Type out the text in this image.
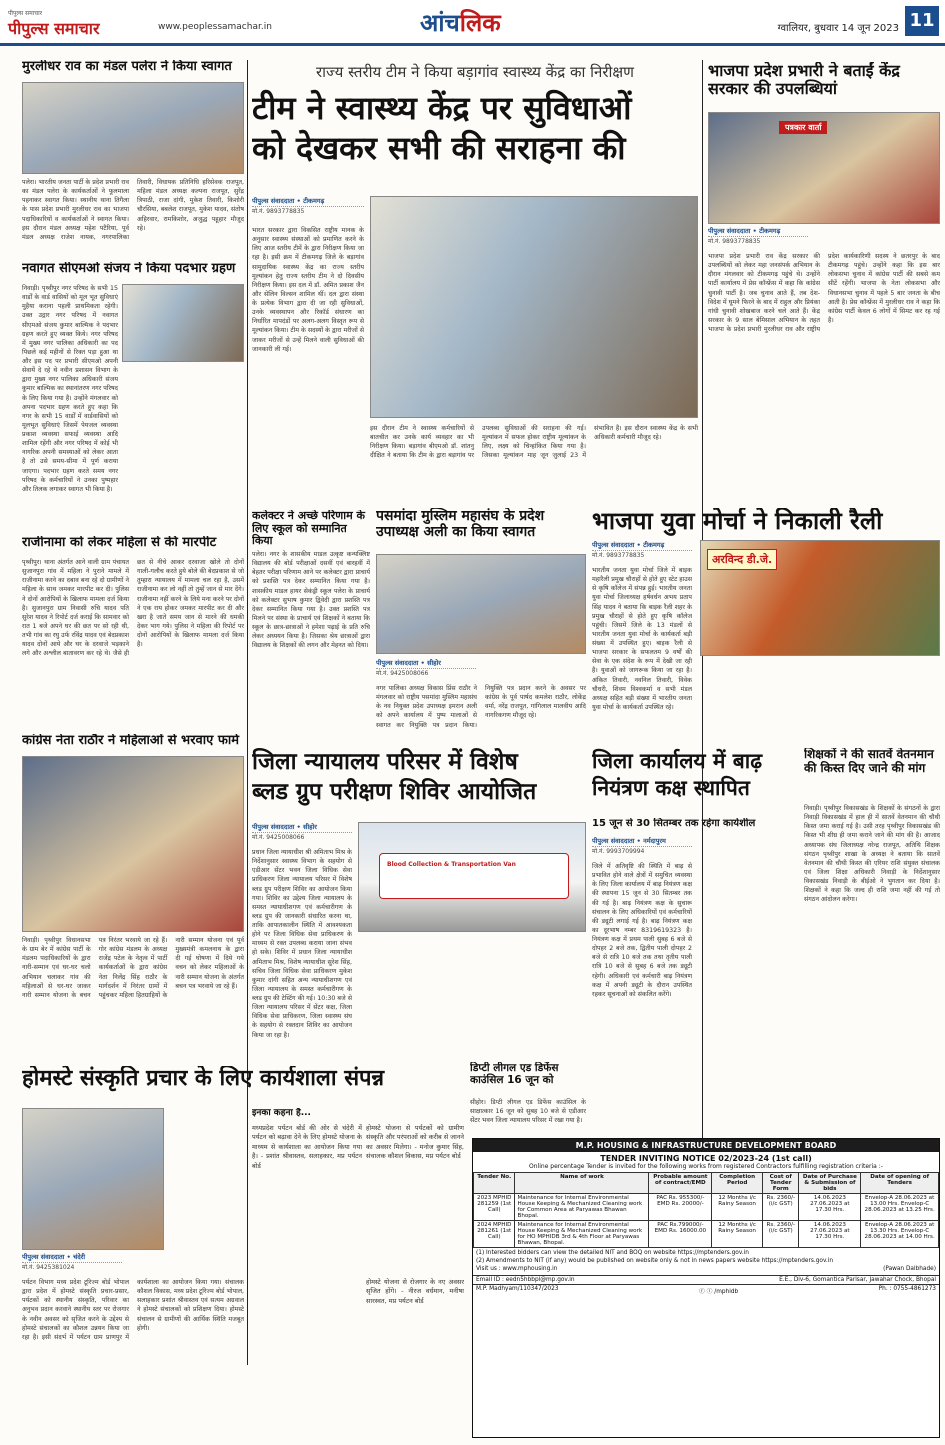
पीपुल्स समाचार
पीपुल्स समाचार	www.peoplessamachar.in	आंचलिक	ग्वालियर, बुधवार 14 जून 2023 11
मुरलीधर राव का मंडल पलेरा ने किया स्वागत
पलेरा। भारतीय जनता पार्टी के प्रदेश प्रभारी राव का मंडल पलेरा के कार्यकर्ताओं ने फूलमाला पहनाकर स्वागत किया। स्थानीय थाना तिगैला के पास प्रदेश प्रभारी मुरलीधर राव का भाजपा पदाधिकारियों व कार्यकर्ताओं ने स्वागत किया। इस दौरान मंडल अध्यक्ष महेश पटैरिया, पूर्व मंडल अध्यक्ष राजेश नायक, नगरपालिका तिवारी, विधायक प्रतिनिधि हरिसेवक राजपूत, महिला मंडल अध्यक्ष कल्पना राजपूत, सुरेंद्र त्रिपाठी, राजा दांगी, मुकेश तिवारी, किशोरी चौरसिया, बबलेश राजपूत, मुकेश यादव, संतोष अहिरवार, रामकिशोर, अजुद्ध पहूहार मौजूद रहे।
नवागत सीएमओ संजय ने किया पदभार ग्रहण
निवाड़ी। पृथ्वीपुर नगर परिषद के सभी 15 वार्डों के वार्ड वासियों को मूल भूत सुविधाएं मुहैया कराना पहली प्राथमिकता रहेगी। उक्त उद्गार नगर परिषद में नवागत सीएमओ संजय कुमार बाल्मिक ने पदभार ग्रहण करते हुए व्यक्त किये। नगर परिषद में मुख्य नगर पालिका अधिकारी का पद पिछले कई महीनों से रिक्त पड़ा हुआ था और इस पद पर प्रभारी सीएमओ अपनी सेवायें दे रहे थे नवीन प्रशासन विभाग के द्वारा मुख्य नगर पालिका अधिकारी संजय कुमार बाल्मिक का स्थानांतरण नगर परिषद के लिए किया गया है। उन्होंने मंगलवार को अपना पदभार ग्रहण करते हुए कहा कि नगर के सभी 15 वार्डों में वार्डवासियों को मूलभूत सुविधाएं जिसमें पेयजल व्यवस्था प्रकाश व्यवस्था सफाई व्यवस्था आदि शामिल रहेंगी और नगर परिषद में कोई भी नागरिक अपनी समस्याओं को लेकर आता है तो उसे समय-सीमा में पूर्ण कराया जाएगा। पदभार ग्रहण करते समय नगर परिषद के कर्मचारियों ने उनका पुष्पहार और तिलक लगाकर स्वागत भी किया है।
राजीनामा को लेकर महिला से की मारपीट
पृथ्वीपुर। थाना अंतर्गत आने वाली ग्राम पंचायत सुजानपुरा गांव में महिला ने पुराने मामले में राजीनामा करने का दबाव बना रहे दो ग्रामीणों ने महिला के साथ जमकर मारपीट कर दी। पुलिस ने दोनों आरोपियों के खिलाफ मामला दर्ज किया है। सुजानपुरा ग्राम निवासी रुचि यादव पति सुरेश यादव ने रिपोर्ट दर्ज कराई कि सामवार को रात 1 बजे अपने घर की छत पर सो रही थी, तभी गांव का रघु उर्फ रविंद्र यादव एवं बेदप्रकाश यादव दोनों आये और घर के दरवाजे भड़काने लगे और अश्लील बातावरण कर रहे थे। जैसे ही छत से नीचे आकर दरवाजा खोले तो दोनों गाली-गलौच करते हुये बोले की बेदप्रकाश से जो तुम्हारा न्यायालय में मामला चल रहा है, उसमें राजीनामा कर लो नहीं तो तुम्हें जान से मार देंगे। राजीनामा नहीं करने के लिये मना करने पर दोनों ने एक राय होकर जमकर मारपीट कर दी और खरा है जाते समय जान से मारने की धमकी देकर भाग गये। पुलिस ने महिला की रिपोर्ट पर दोनों आरोपियों के खिलाफ मामला दर्ज किया है।
कांग्रेस नेता राठौर ने महिलाओं से भरवाए फार्म
निवाड़ी। पृथ्वीपुर विधानसभा के ग्राम बेर में कांग्रेस पार्टी के मंडलम पदाधिकारियों के द्वारा नारी-सम्मान एवं घर-घर चलो अभियान चलाकर गांव की महिलाओं से घर-घर जाकर नारी सम्मान योजना के बचन पत्र निरंतर भरवाये जा रहे हैं। गोर कांग्रेस मंडलम के अध्यक्ष राजेंद्र पटेल के नेतृत्व में पार्टी कार्यकर्ताओं के द्वारा कांग्रेस नेता निलेंद्र सिंह राठौर के मार्गदर्शन में निरंतर ग्रामों में पहुंचकर महिला हितग्राहियों के नारी सम्मान योजना एवं पूर्व मुख्यमंत्री कमलनाथ के द्वारा दी गई घोषणा में दिये गये वचन को लेकर महिलाओं के नारी सम्मान योजना के अंतर्गत बचन पत्र भरवाये जा रहे हैं।
राज्य स्तरीय टीम ने किया बड़ागांव स्वास्थ्य केंद्र का निरीक्षण
टीम ने स्वास्थ्य केंद्र पर सुविधाओं
को देखकर सभी की सराहना की
पीपुल्स संवाददाता • टीकमगढ़
मो.नं. 9893778835
भारत सरकार द्वारा विकसित राष्ट्रीय मानक के अनुसार स्वास्थ्य संस्थाओं को प्रमाणित करने के लिए आज स्तरीय टीमें के द्वारा निरीक्षण किया जा रहा है। इसी क्रम में टीकमगढ़ जिले के बड़ागांव सामुदायिक स्वास्थ्य केंद्र का राज्य स्तरीय मूल्यांकन हेतु राज्य स्तरीय टीम ने दो दिवसीय निरीक्षण किया। इस दल में डॉ. अमित प्रकाश जैन और सेलिन विल्सन शामिल थीं। दल द्वारा संस्था के प्रत्येक विभाग द्वारा दी जा रही सुविधाओं, उनके व्यवस्थापन और रिकॉर्ड संधारण का निर्धारित मापदंडों पर अलग-अलग विस्तृत रूप से मूल्यांकन किया। टीम के सदस्यों के द्वारा मरीजों से जाकर मरीजों से उन्हें मिलने वाली सुविधाओं की जानकारी ली गई।
इस दौरान टीम ने स्वास्थ्य कर्मचारियों से बातचीत कर उनके कार्य व्यवहार का भी निरीक्षण किया। बड़ागांव बीएमओ डॉ. शांतनु दीक्षित ने बताया कि टीम के द्वारा बड़ागांव पर उपलब्ध सुविधाओं की सराहना की गई। मूल्यांकन में सफल होकर राष्ट्रीय मूल्यांकन के लिए, लक्ष्य को चिन्हांकित किया गया है। जिसका मूल्यांकन माह जून जुलाई 23 में संभावित है। इस दौरान स्वास्थ्य केंद्र के सभी अधिकारी कर्मचारी मौजूद रहे।
कलेक्टर ने अच्छे परिणाम के लिए स्कूल को सम्मानित किया
पलेरा। नगर के शासकीय माडल उत्कृष्ट कन्यक्लिष्ट विद्यालय की बोर्ड परीक्षाओं दसवीं एवं बारहवीं में बेहतर परीक्षा परिणाम आने पर कलेक्टर द्वारा प्राचार्य को प्रशस्ति पत्र देकर सम्मानित किया गया है। शासकीय माडल हायर सेकंड्री स्कूल पलेरा के प्राचार्य को कलेक्टर सुभाष कुमार द्विवेदी द्वारा प्रशस्ति पत्र देकर सम्मानित किया गया है। उक्त प्रशस्ति पत्र मिलने पर संस्था के प्राचार्य एवं शिक्षकों ने बताया कि स्कूल के छात्र-छात्राओं ने हमेशा पढ़ाई के प्रति रुचि लेकर अध्ययन किया है। जिसका श्रेय छात्राओं द्वारा विद्यालय के शिक्षकों की लगन और मेहनत को दिया।
पसमांदा मुस्लिम महासंघ के प्रदेश उपाध्यक्ष अली का किया स्वागत
पीपुल्स संवाददाता • सीहोर
मो.नं. 9425008066
नगर पालिका अध्यक्ष विकास प्रिंस राठौर ने मंगलवार को राष्ट्रीय पसमांदा मुस्लिम महासंघ के नव नियुक्त प्रदेश उपाध्यक्ष इमरान अली को अपने कार्यालय में पुष्प मालाओं से स्वागत कर नियुक्ति पत्र प्रदान किया। नियुक्ति पत्र प्रदान करने के अवसर पर कांग्रेस के पूर्व पार्षद कमलेश राठौर, लोकेंद्र वर्मा, नरेंद्र राजपूत, गांगिलाल मालवीय आदि नागरिकगण मौजूद रहे।
भाजपा युवा मोर्चा ने निकाली रैली
पीपुल्स संवाददाता • टीकमगढ़
मो.नं. 9893778835
भारतीय जनता युवा मोर्चा जिले में बाइक महारैली प्रमुख चौराहों से होते हुए स्टेट हाउस से कृषि कॉलेज में संपन्न हुई। भारतीय जनता युवा मोर्चा जिलाध्यक्ष हर्षवर्धन अभय प्रताप सिंह यादव ने बताया कि बाइक रैली शहर के प्रमुख चौराहों से होते हुए कृषि कॉलेज पहुंची। जिसमें जिले के 13 मंडलों से भारतीय जनता युवा मोर्चा के कार्यकर्ता बड़ी संख्या में उपस्थित हुए। बाइक रैली से भाजपा सरकार के सफलतम 9 वर्षों की सेवा के एक संदेश के रूप में देखी जा रही है। युवाओं को जागरूक किया जा रहा है। अंकित तिवारी, नवनिल तिवारी, विवेक चौधरी, शिवम विश्वकर्मा व सभी मंडल अध्यक्ष सहित बड़ी संख्या में भारतीय जनता युवा मोर्चा के कार्यकर्ता उपस्थित रहे।
अरविन्द डी.जे.
जिला न्यायालय परिसर में विशेष
ब्लड ग्रुप परीक्षण शिविर आयोजित
पीपुल्स संवाददाता • सीहोर
मो.नं. 9425008066
प्रधान जिला न्यायाधीश श्री अमिताभ मिश्र के निर्देशानुसार स्वास्थ्य विभाग के सहयोग से एडीआर सेंटर भवन जिला विधिक सेवा प्राधिकरण जिला न्यायालय परिसर में विशेष ब्लड ग्रुप परीक्षण शिविर का आयोजन किया गया। शिविर का उद्देश्य जिला न्यायालय के समस्त न्यायाधीशगण एवं कर्मचारीगण के ब्लड ग्रुप की जानकारी संधारित करना था, ताकि आपातकालीन स्थिति में आवश्यकता होने पर जिला विधिक सेवा प्राधिकरण के माध्यम से रक्त उपलब्ध कराया जाना संभव हो सके। शिविर में प्रधान जिला न्यायाधीश अमिताभ मिश्र, विशेष न्यायाधीश सुरेश सिंह, सचिव जिला विधिक सेवा प्राधिकरण मुकेश कुमार दांगी सहित अन्य न्यायाधीशगण एवं जिला न्यायालय के समस्त कर्मचारीगण के ब्लड ग्रुप की टेस्टिंग की गई। 10:30 बजे से जिला न्यायालय परिसर में सेंटर कक्ष, जिला विधिक सेवा प्राधिकरण, जिला स्वास्थ्य संघ के सहयोग से रक्तदान शिविर का आयोजन किया जा रहा है।
Blood Collection & Transportation Van
जिला कार्यालय में बाढ़
नियंत्रण कक्ष स्थापित
15 जून से 30 सितम्बर तक रहेगा कार्यशील
पीपुल्स संवाददाता • नर्मदापुरम
मो.नं. 9993709994
जिले में अतिवृष्टि की स्थिति में बाढ़ से प्रभावित होने वाले क्षेत्रों में समुचित व्यवस्था के लिए जिला कार्यालय में बाढ़ नियंत्रण कक्ष की स्थापना 15 जून से 30 सितम्बर तक की गई है। बाढ़ नियंत्रण कक्ष के सुचारू संचालन के लिए अधिकारियों एवं कर्मचारियों की ड्यूटी लगाई गई है। बाढ़ नियंत्रण कक्ष का दूरभाष नम्बर 8319619323 है। नियंत्रण कक्ष में प्रथम पाली सुबह 6 बजे से दोपहर 2 बजे तक, द्वितीय पाली दोपहर 2 बजे से रात्रि 10 बजे तक तथा तृतीय पाली रात्रि 10 बजे से सुबह 6 बजे तक ड्यूटी रहेगी। अधिकारी एवं कर्मचारी बाढ़ नियंत्रण कक्ष में अपनी ड्यूटी के दौरान उपस्थित रहकर सूचनाओं को संकलित करेंगे।
शिक्षकों ने की सातवें वेतनमान की किस्त दिए जाने की मांग
निवाड़ी। पृथ्वीपुर विकासखंड के शिक्षकों के संगठनों के द्वारा निवाड़ी विकासखंड में हाल ही में सातवें वेतनमान की चौथी किस्त जमा कराई गई है। उसी तरह पृथ्वीपुर विकासखंड की किस्त भी शीघ्र ही जमा कराने जाने की मांग की है। आजाद अध्यापक संघ जिलाध्यक्ष नरेन्द्र राजपूत, अतिथि शिक्षक संगठन पृथ्वीपुर शाखा के अध्यक्ष ने बताया कि सातवें वेतनमान की चौथी किस्त की एरियर राशि संयुक्त संचालक एवं जिला शिक्षा अधिकारी निवाड़ी के निर्देशानुसार विकासखंड निवाड़ी के बीईओ ने भुगतान कर दिया है। शिक्षकों ने कहा कि जल्द ही राशि जमा नहीं की गई तो संगठन आंदोलन करेगा।
डिप्टी लीगल एड डिफेंस काउंसिल 16 जून को
सीहोर। डिप्टी लीगल एड डिफेंस काउंसिल के साक्षात्कार 16 जून को सुबह 10 बजे से एडीआर सेंटर भवन जिला न्यायालय परिसर में रखा गया है।
होमस्टे संस्कृति प्रचार के लिए कार्यशाला संपन्न
पीपुल्स संवाददाता • चंदेरी
मो.नं. 9425381024
पर्यटन विभाग मध्य प्रदेश टूरिज्म बोर्ड भोपाल द्वारा प्रदेश में होमस्टे संस्कृति प्रचार-प्रसार, पर्यटकों को स्थानीय संस्कृति, परिवार का अनुभव प्रदान करवाने स्थानीय स्तर पर रोजगार के नवीन अवसर को सृजित करने के उद्देश्य से होमस्टे संचालकों का कौशल उन्नयन किया जा रहा है। इसी संदर्भ में पर्यटन ग्राम प्राणपुर में कार्यशाला का आयोजन किया गया। संचालक कौशल विकास, मध्य प्रदेश टूरिज्म बोर्ड भोपाल, सलाहकार प्रशांत श्रीवास्तव एवं सत्यम अग्रवाल ने होमस्टे संचालकों को प्रशिक्षण दिया। होमस्टे संचालन से ग्रामीणों की आर्थिक स्थिति मजबूत होगी।
इनका कहना है...
मध्यप्रदेश पर्यटन बोर्ड की ओर से चंदेरी में पर्यटन को बढ़ावा देने के लिए होमस्टे योजना के माध्यम से कार्यशाला का आयोजन किया गया है। - प्रशांत श्रीवास्तव, सलाहकार, मप्र पर्यटन बोर्ड
होमस्टे योजना से पर्यटकों को ग्रामीण संस्कृति और परंपराओं को करीब से जानने का अवसर मिलेगा। - मनोज कुमार सिंह, संचालक कौशल विकास, मप्र पर्यटन बोर्ड
होमस्टे योजना से रोजगार के नए अवसर सृजित होंगे। - नीरज वर्धमान, मनीषा सारस्वत, मप्र पर्यटन बोर्ड
भाजपा प्रदेश प्रभारी ने बताईं केंद्र सरकार की उपलब्धियां
पत्रकार वार्ता
पीपुल्स संवाददाता • टीकमगढ़
मो.नं. 9893778835
भाजपा प्रदेश प्रभारी राव केंद्र सरकार की उपलब्धियों को लेकर महा जनसंपर्क अभियान के दौरान मंगलवार को टीकमगढ़ पहुंचे थे। उन्होंने पार्टी कार्यालय में प्रेस कॉन्फ्रेंस में कहा कि कांग्रेस चुनावी पार्टी है। जब चुनाव आते हैं, तब देश-विदेश में घूमने फिरने के बाद में राहुल और प्रियंका गांधी चुनावी शोखबाज करने चले आते हैं। केंद्र सरकार के 9 साल बेमिसाल अभियान के तहत भाजपा के प्रदेश प्रभारी मुरलीधर राव और राष्ट्रीय प्रदेश कार्यकारिणी सदस्य ने छतरपुर के बाद टीकमगढ़ पहुंचे। उन्होंने कहा कि इस बार लोकसभा चुनाव में कांग्रेस पार्टी की सबसे कम सीटें रहेंगी। भाजपा के नेता लोकसभा और विधानसभा चुनाव में पहले 5 बार जनता के बीच आती है। प्रेस कॉन्फ्रेंस में मुरलीधर राव ने कहा कि कांग्रेस पार्टी केवल 6 लोगों में सिमट कर रह गई है।
M.P. HOUSING & INFRASTRUCTURE DEVELOPMENT BOARD
TENDER INVITING NOTICE 02/2023-24 (1st call)
Online percentage Tender is invited for the following works from registered Contractors fulfilling registration criteria :-
Tender No.	Name of work	Probable amount of contract/EMD	Completion Period	Cost of Tender Form	Date of Purchase & Submission of bids	Date of opening of Tenders
2023 MPHID 281259 (1st Call)	Maintenance for Internal Environmental House Keeping & Mechanized Cleaning work for Common Area at Paryawas Bhawan Bhopal.	PAC Rs. 955300/- EMD Rs. 20000/-	12 Months i/c Rainy Season	Rs. 2360/- (i/c GST)	14.06.2023 27.06.2023 at 17.30 Hrs.	Envelop-A 28.06.2023 at 13.00 Hrs. Envelop-C 28.06.2023 at 13.25 Hrs.
2024 MPHID 281261 (1st Call)	Maintenance for Internal Environmental House Keeping & Mechanized Cleaning work for HO MPHIDB 3rd & 4th Floor at Paryawas Bhawan, Bhopal.	PAC Rs.799000/- EMD Rs. 16000.00	12 Months i/c Rainy Season	Rs. 2360/- (i/c GST)	14.06.2023 27.06.2023 at 17.30 Hrs.	Envelop-A 28.06.2023 at 13.30 Hrs. Envelop-C 28.06.2023 at 14.00 Hrs.
(1) Interested bidders can view the detailed NIT and BOQ on website https://mptenders.gov.in
(2) Amendments to NIT (if any) would be published on website only & not in news papers website https://mptenders.gov.in
Visit us : www.mphousing.in	(Pawan Dalbhade)
Email ID : eedn5hbbpl@mp.gov.in	E.E., Div-6, Gomantica Parisar, Jawahar Chock, Bhopal
M.P. Madhyam/110347/2023	ⓕ ⓣ /mphidb	Ph. : 0755-4861273
